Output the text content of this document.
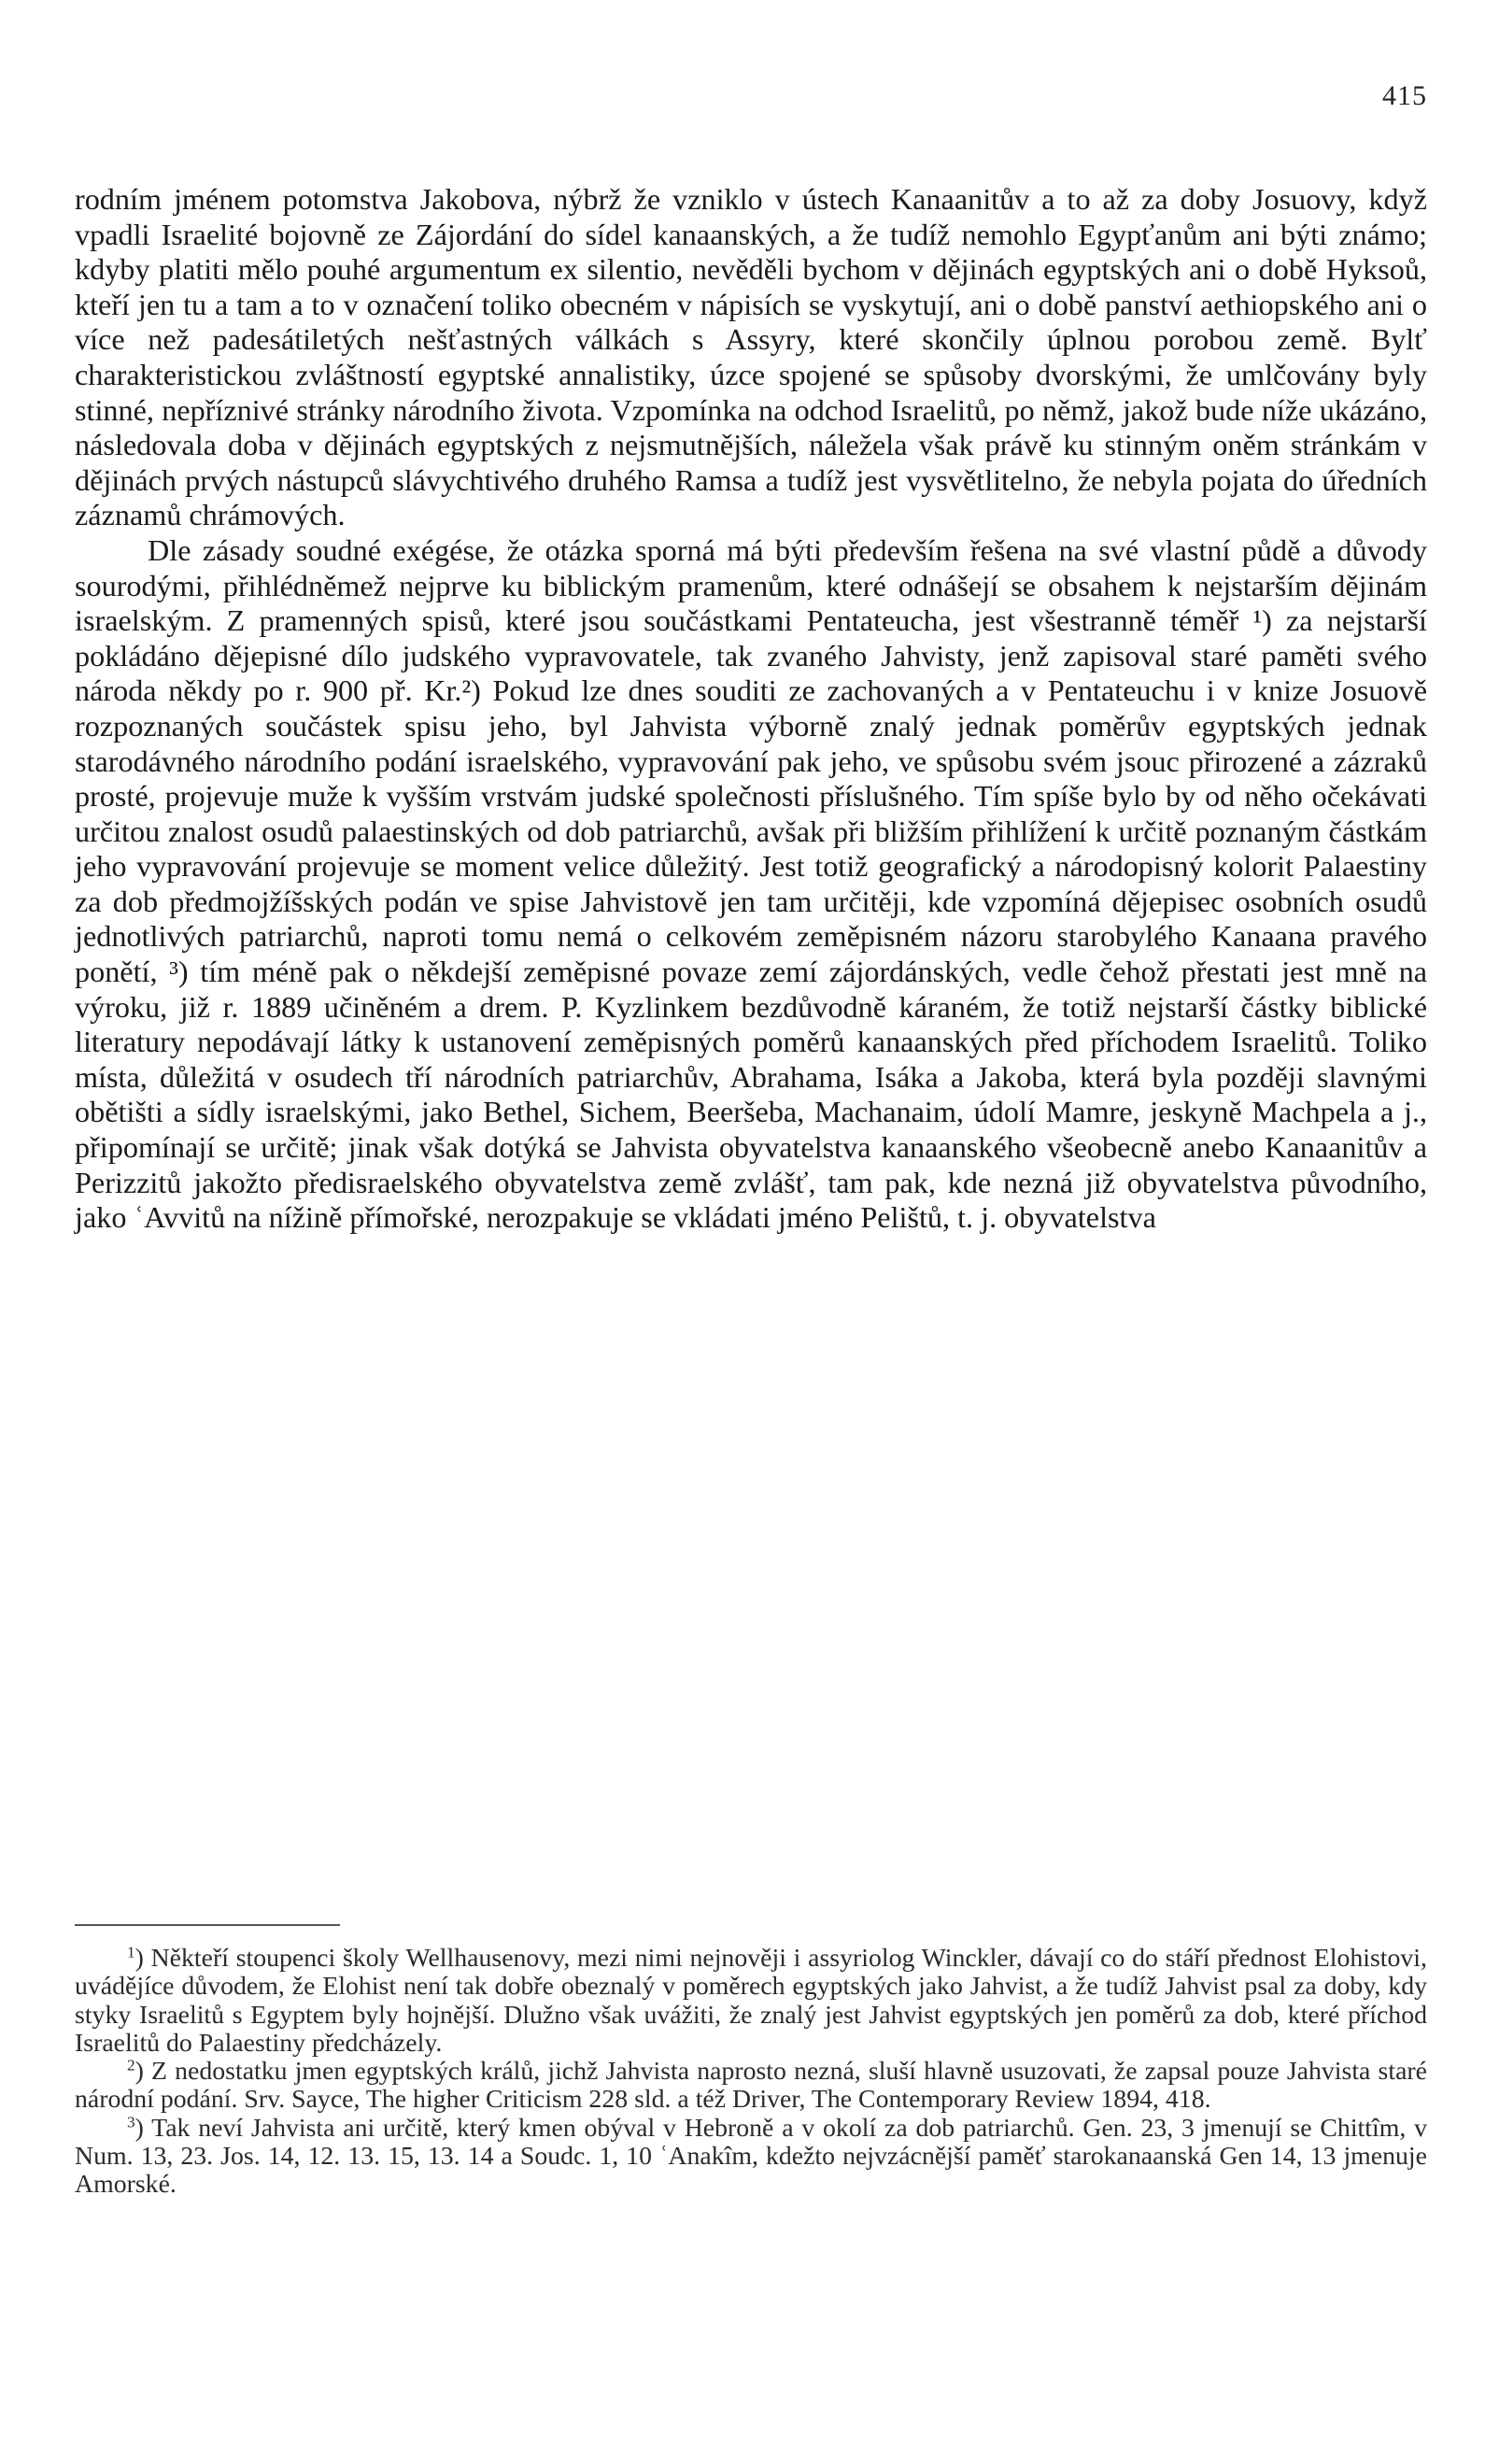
415

rodním jménem potomstva Jakobova, nýbrž že vzniklo v ústech Kanaanitův a to až za doby Josuovy, když vpadli Israelité bojovně ze Zájordání do sídel kanaanských, a že tudíž nemohlo Egypťanům ani býti známo; kdyby platiti mělo pouhé argumentum ex silentio, nevěděli bychom v dějinách egyptských ani o době Hyksoů, kteří jen tu a tam a to v označení toliko obecném v nápisích se vyskytují, ani o době panství aethiopského ani o více než padesátiletých nešťastných válkách s Assyry, které skončily úplnou porobou země. Bylť charakteristickou zvláštností egyptské annalistiky, úzce spojené se spůsoby dvorskými, že umlčovány byly stinné, nepříznivé stránky národního života. Vzpomínka na odchod Israelitů, po němž, jakož bude níže ukázáno, následovala doba v dějinách egyptských z nejsmutnějších, náležela však právě ku stinným oněm stránkám v dějinách prvých nástupců slávychtivého druhého Ramsa a tudíž jest vysvětlitelno, že nebyla pojata do úředních záznamů chrámových.

Dle zásady soudné exégése, že otázka sporná má býti především řešena na své vlastní půdě a důvody sourodými, přihlédněmež nejprve ku biblickým pramenům, které odnášejí se obsahem k nejstarším dějinám israelským. Z pramenných spisů, které jsou součástkami Pentateucha, jest všestranně téměř ¹) za nejstarší pokládáno dějepisné dílo judského vypravovatele, tak zvaného Jahvisty, jenž zapisoval staré paměti svého národa někdy po r. 900 př. Kr.²) Pokud lze dnes souditi ze zachovaných a v Pentateuchu i v knize Josuově rozpoznaných součástek spisu jeho, byl Jahvista výborně znalý jednak poměrův egyptských jednak starodávného národního podání israelského, vypravování pak jeho, ve spůsobu svém jsouc přirozené a zázraků prosté, projevuje muže k vyšším vrstvám judské společnosti příslušného. Tím spíše bylo by od něho očekávati určitou znalost osudů palaestinských od dob patriarchů, avšak při bližším přihlížení k určitě poznaným částkám jeho vypravování projevuje se moment velice důležitý. Jest totiž geografický a národopisný kolorit Palaestiny za dob předmojžíšských podán ve spise Jahvistově jen tam určitěji, kde vzpomíná dějepisec osobních osudů jednotlivých patriarchů, naproti tomu nemá o celkovém zeměpisném názoru starobylého Kanaana pravého ponětí, ³) tím méně pak o někdejší zeměpisné povaze zemí zájordánských, vedle čehož přestati jest mně na výroku, již r. 1889 učiněném a drem. P. Kyzlinkem bezdůvodně káraném, že totiž nejstarší částky biblické literatury nepodávají látky k ustanovení zeměpisných poměrů kanaanských před příchodem Israelitů. Toliko místa, důležitá v osudech tří národních patriarchův, Abrahama, Isáka a Jakoba, která byla později slavnými obětišti a sídly israelskými, jako Bethel, Sichem, Beeršeba, Machanaim, údolí Mamre, jeskyně Machpela a j., připomínají se určitě; jinak však dotýká se Jahvista obyvatelstva kanaanského všeobecně anebo Kanaanitův a Perizzitů jakožto předisraelského obyvatelstva země zvlášť, tam pak, kde nezná již obyvatelstva původního, jako ʿAvvitů na nížině přímořské, nerozpakuje se vkládati jméno Pelištů, t. j. obyvatelstva

$^1$) Někteří stoupenci školy Wellhausenovy, mezi nimi nejnověji i assyriolog Winckler, dávají co do stáří přednost Elohistovi, uvádějíce důvodem, že Elohist není tak dobře obeznalý v poměrech egyptských jako Jahvist, a že tudíž Jahvist psal za doby, kdy styky Israelitů s Egyptem byly hojnější. Dlužno však uvážiti, že znalý jest Jahvist egyptských jen poměrů za dob, které příchod Israelitů do Palaestiny předcházely.

$^2$) Z nedostatku jmen egyptských králů, jichž Jahvista naprosto nezná, sluší hlavně usuzovati, že zapsal pouze Jahvista staré národní podání. Srv. Sayce, The higher Criticism 228 sld. a též Driver, The Contemporary Review 1894, 418.

$^3$) Tak neví Jahvista ani určitě, který kmen obýval v Hebroně a v okolí za dob patriarchů. Gen. 23, 3 jmenují se Chittîm, v Num. 13, 23. Jos. 14, 12. 13. 15, 13. 14 a Soudc. 1, 10 ʿAnakîm, kdežto nejvzácnější paměť starokanaanská Gen 14, 13 jmenuje Amorské.
